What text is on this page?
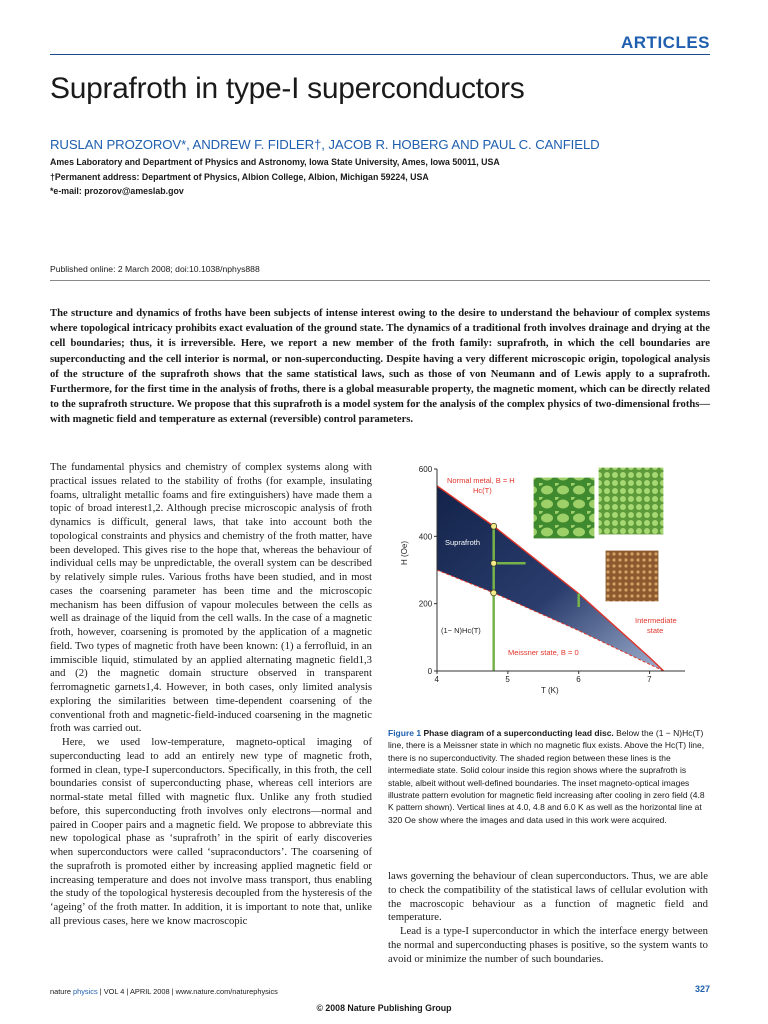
ARTICLES
Suprafroth in type-I superconductors
RUSLAN PROZOROV*, ANDREW F. FIDLER†, JACOB R. HOBERG AND PAUL C. CANFIELD
Ames Laboratory and Department of Physics and Astronomy, Iowa State University, Ames, Iowa 50011, USA
†Permanent address: Department of Physics, Albion College, Albion, Michigan 59224, USA
*e-mail: prozorov@ameslab.gov
Published online: 2 March 2008; doi:10.1038/nphys888
The structure and dynamics of froths have been subjects of intense interest owing to the desire to understand the behaviour of complex systems where topological intricacy prohibits exact evaluation of the ground state. The dynamics of a traditional froth involves drainage and drying at the cell boundaries; thus, it is irreversible. Here, we report a new member of the froth family: suprafroth, in which the cell boundaries are superconducting and the cell interior is normal, or non-superconducting. Despite having a very different microscopic origin, topological analysis of the structure of the suprafroth shows that the same statistical laws, such as those of von Neumann and of Lewis apply to a suprafroth. Furthermore, for the first time in the analysis of froths, there is a global measurable property, the magnetic moment, which can be directly related to the suprafroth structure. We propose that this suprafroth is a model system for the analysis of the complex physics of two-dimensional froths—with magnetic field and temperature as external (reversible) control parameters.

The fundamental physics and chemistry of complex systems along with practical issues related to the stability of froths (for example, insulating foams, ultralight metallic foams and fire extinguishers) have made them a topic of broad interest1,2. Although precise microscopic analysis of froth dynamics is difficult, general laws, that take into account both the topological constraints and physics and chemistry of the froth matter, have been developed. This gives rise to the hope that, whereas the behaviour of individual cells may be unpredictable, the overall system can be described by relatively simple rules. Various froths have been studied, and in most cases the coarsening parameter has been time and the microscopic mechanism has been diffusion of vapour molecules between the cells as well as drainage of the liquid from the cell walls. In the case of a magnetic froth, however, coarsening is promoted by the application of a magnetic field. Two types of magnetic froth have been known: (1) a ferrofluid, in an immiscible liquid, stimulated by an applied alternating magnetic field1,3 and (2) the magnetic domain structure observed in transparent ferromagnetic garnets1,4. However, in both cases, only limited analysis exploring the similarities between time-dependent coarsening of the conventional froth and magnetic-field-induced coarsening in the magnetic froth was carried out.

Here, we used low-temperature, magneto-optical imaging of superconducting lead to add an entirely new type of magnetic froth, formed in clean, type-I superconductors. Specifically, in this froth, the cell boundaries consist of superconducting phase, whereas cell interiors are normal-state metal filled with magnetic flux. Unlike any froth studied before, this superconducting froth involves only electrons—normal and paired in Cooper pairs and a magnetic field. We propose to abbreviate this new topological phase as ‘suprafroth’ in the spirit of early discoveries when superconductors were called ‘supraconductors’. The coarsening of the suprafroth is promoted either by increasing applied magnetic field or increasing temperature and does not involve mass transport, thus enabling the study of the topological hysteresis decoupled from the hysteresis of the ‘ageing’ of the froth matter. In addition, it is important to note that, unlike all previous cases, here we know macroscopic

4	5	6	7
0
200
400
600
Normal metal, B = H
Hc(T)
Suprafroth
(1− N)Hc(T)
Intermediate
state
Meissner state, B = 0
T (K)
H (Oe)
Figure 1 Phase diagram of a superconducting lead disc. Below the (1 − N)Hc(T) line, there is a Meissner state in which no magnetic flux exists. Above the Hc(T) line, there is no superconductivity. The shaded region between these lines is the intermediate state. Solid colour inside this region shows where the suprafroth is stable, albeit without well-defined boundaries. The inset magneto-optical images illustrate pattern evolution for magnetic field increasing after cooling in zero field (4.8 K pattern shown). Vertical lines at 4.0, 4.8 and 6.0 K as well as the horizontal line at 320 Oe show where the images and data used in this work were acquired.

laws governing the behaviour of clean superconductors. Thus, we are able to check the compatibility of the statistical laws of cellular evolution with the macroscopic behaviour as a function of magnetic field and temperature.

Lead is a type-I superconductor in which the interface energy between the normal and superconducting phases is positive, so the system wants to avoid or minimize the number of such boundaries.

nature physics | VOL 4 | APRIL 2008 | www.nature.com/naturephysics	327
© 2008 Nature Publishing Group
